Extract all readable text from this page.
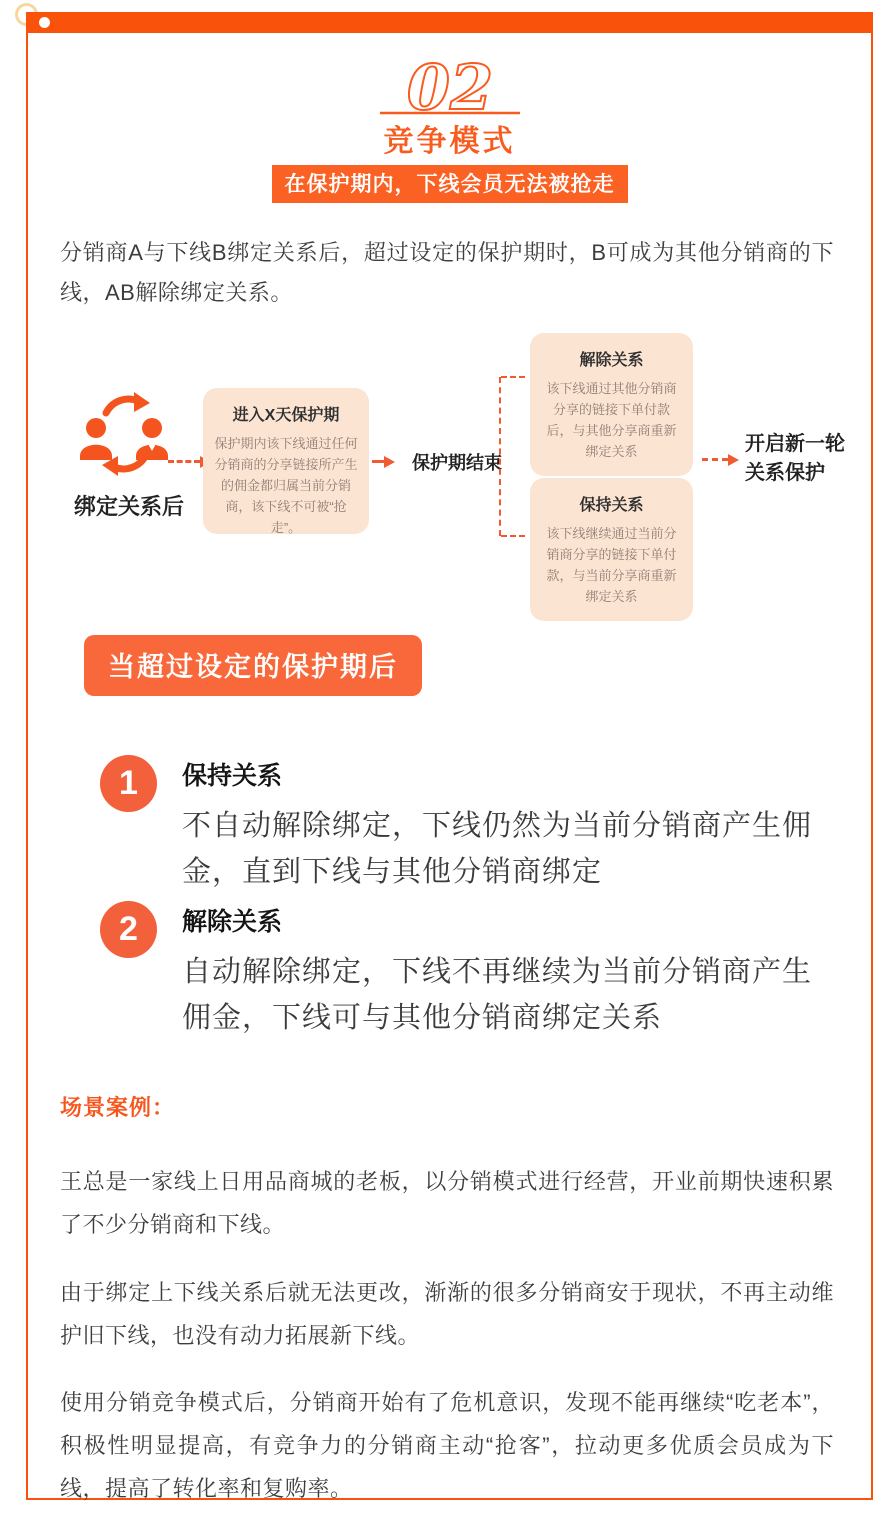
02
竞争模式
在保护期内，下线会员无法被抢走

分销商A与下线B绑定关系后，超过设定的保护期时，B可成为其他分销商的下线，AB解除绑定关系。

绑定关系后
进入X天保护期
保护期内该下线通过任何分销商的分享链接所产生的佣金都归属当前分销商，该下线不可被“抢走”。
保护期结束
解除关系
该下线通过其他分销商分享的链接下单付款后，与其他分享商重新绑定关系
保持关系
该下线继续通过当前分销商分享的链接下单付款，与当前分享商重新绑定关系
开启新一轮
关系保护
当超过设定的保护期后
1	保持关系
不自动解除绑定，下线仍然为当前分销商产生佣金，直到下线与其他分销商绑定
2	解除关系
自动解除绑定，下线不再继续为当前分销商产生佣金，下线可与其他分销商绑定关系
场景案例：

王总是一家线上日用品商城的老板，以分销模式进行经营，开业前期快速积累了不少分销商和下线。

由于绑定上下线关系后就无法更改，渐渐的很多分销商安于现状，不再主动维护旧下线，也没有动力拓展新下线。

使用分销竞争模式后，分销商开始有了危机意识，发现不能再继续“吃老本”，积极性明显提高，有竞争力的分销商主动“抢客”，拉动更多优质会员成为下线，提高了转化率和复购率。
